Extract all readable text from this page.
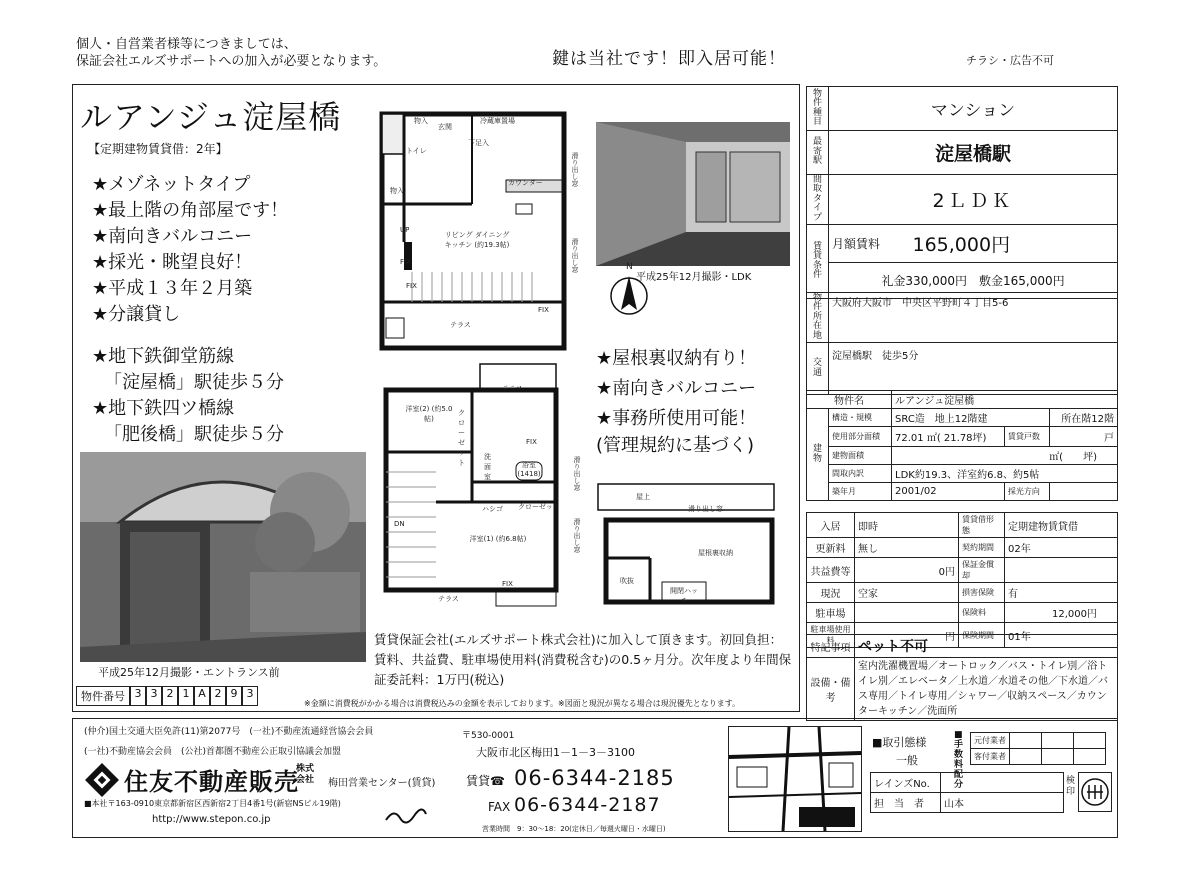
個人・自営業者様等につきましては、
保証会社エルズサポートへの加入が必要となります。	鍵は当社です！即入居可能！	チラシ・広告不可
ルアンジュ淀屋橋
【定期建物賃貸借：2年】
★メゾネットタイプ
★最上階の角部屋です！
★南向きバルコニー
★採光・眺望良好！
★平成１３年２月築
★分譲貸し
★地下鉄御堂筋線
「淀屋橋」駅徒歩５分
★地下鉄四ツ橋線
「肥後橋」駅徒歩５分
平成25年12月撮影・エントランス前
物件番号 3 3 2 1 A 2 9 3
※金額に消費税がかかる場合は消費税込みの金額を表示しております。※図面と現況が異なる場合は現況優先となります。
物入
玄関
冷蔵庫置場
トイレ
下足入
カウンター
リビング ダイニング キッチン (約19.3帖)
物入
UP
FIX
FIX
FIX
テラス
滑り出し窓
滑り出し窓
平成25年12月撮影・LDK
N
★屋根裏収納有り！
★南向きバルコニー
★事務所使用可能！
(管理規約に基づく)
テラス
洋室(2) (約5.0帖)
クローゼット
FIX
洗面室
浴室 (1418)
ハシゴ クローゼット
DN
洋室(1) (約6.8帖)
FIX
テラス
滑り出し窓
滑り出し窓
屋上
滑り出し窓
屋根裏収納
吹抜
開閉ハッチ
賃貸保証会社(エルズサポート株式会社)に加入して頂きます。初回負担：賃料、共益費、駐車場使用料(消費税含む)の0.5ヶ月分。次年度より年間保証委託料：1万円(税込)
物件種目	マンション	
最寄駅	淀屋橋駅	
間取タイプ	2ＬＤＫ	
賃貸条件	月額賃料	165,000円
	礼金330,000円　敷金165,000円	
物件所在地	大阪府大阪市　中央区平野町４丁目5-6
交通	淀屋橋駅　徒歩5分
物件名		ルアンジュ淀屋橋		
建物	構造・規模	SRC造　地上12階建		所在階12階
	使用部分面積	72.01 ㎡( 21.78坪)	賃貸戸数	戸
	建物面積	㎡(　　坪)		
	間取内訳	LDK約19.3、洋室約6.8、約5帖		
	築年月	2001/02	採光方向	
入居	即時	賃貸借形態	定期建物賃貸借
更新料	無し	契約期間	02年
共益費等	0円	保証金償却	
現況	空家	損害保険	有
駐車場		保険料	12,000円
駐車場使用料	円	保険期間	01年
特記事項	ペット不可
設備・備考	室内洗濯機置場／オートロック／バス・トイレ別／浴トイレ別／エレベータ／上水道／水道その他／下水道／バス専用／トイレ専用／シャワー／収納スペース／カウンターキッチン／洗面所
(仲介)国土交通大臣免許(11)第2077号　(一社)不動産流通経営協会会員
(一社)不動産協会会員　(公社)首都圏不動産公正取引協議会加盟
〒530-0001
大阪市北区梅田1－1－3－3100
住友不動産販売
株式会社	梅田営業センター(賃貸)
■本社〒163-0910東京都新宿区西新宿2丁目4番1号(新宿NSビル19階)
http://www.stepon.co.jp
賃貸☎ 06-6344-2185
FAX 06-6344-2187
営業時間　9：30～18：20(定休日／毎週火曜日・水曜日)
■取引態様
一般
■手数料配分
元付業者			
客付業者			
レインズNo.	
担　当　者	山本
検印
